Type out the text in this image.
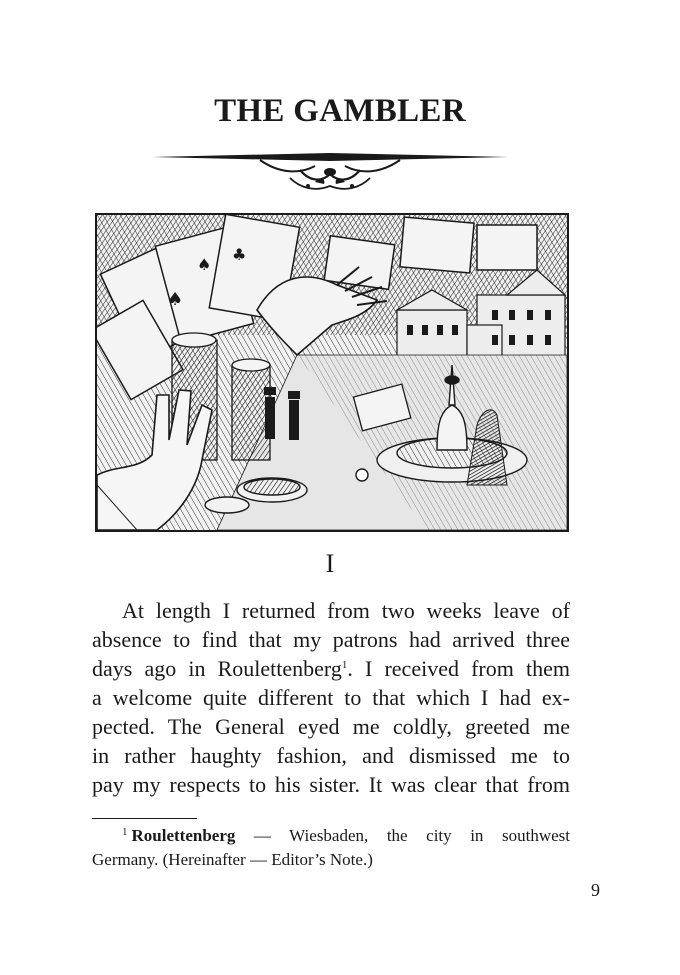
THE GAMBLER
♠
♣
♠
I
At length I returned from two weeks leave of
absence to find that my patrons had arrived three
days ago in Roulettenberg$^1$. I received from them
a welcome quite different to that which I had ex-
pected. The General eyed me coldly, greeted me
in rather haughty fashion, and dismissed me to
pay my respects to his sister. It was clear that from
$^1$ Roulettenberg — Wiesbaden, the city in southwest
Germany. (Hereinafter — Editor’s Note.)
9
